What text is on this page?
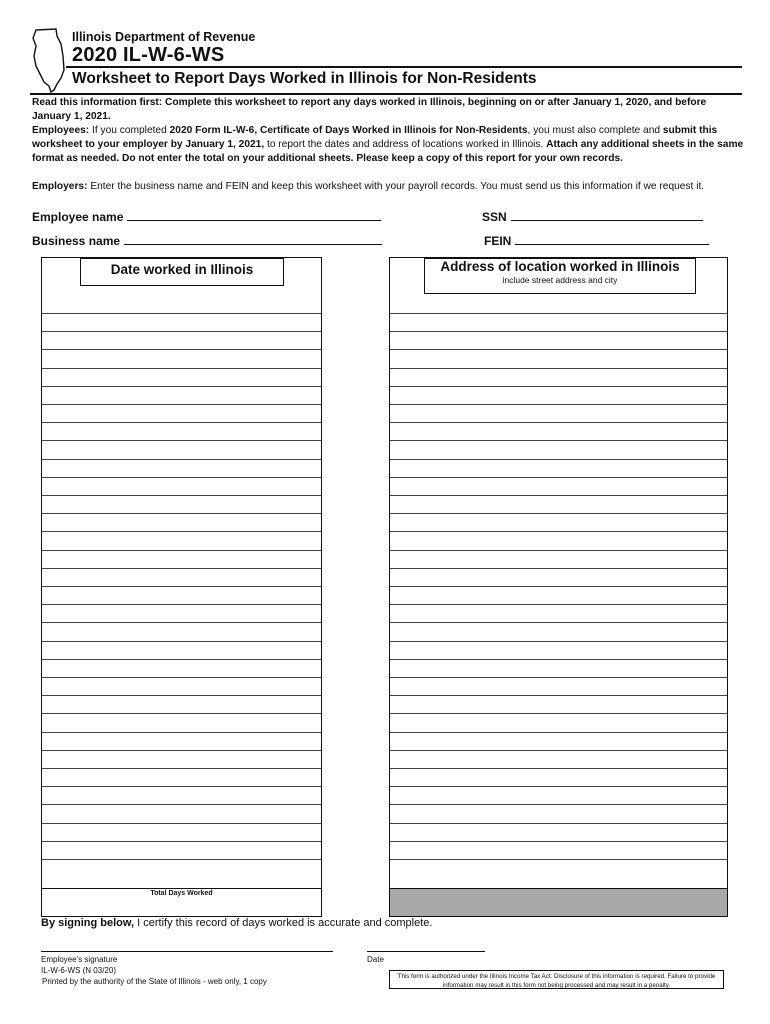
Illinois Department of Revenue
2020 IL-W-6-WS
Worksheet to Report Days Worked in Illinois for Non-Residents
Read this information first: Complete this worksheet to report any days worked in Illinois, beginning on or after January 1, 2020, and before January 1, 2021.
Employees: If you completed 2020 Form IL-W-6, Certificate of Days Worked in Illinois for Non-Residents, you must also complete and submit this worksheet to your employer by January 1, 2021, to report the dates and address of locations worked in Illinois. Attach any additional sheets in the same format as needed. Do not enter the total on your additional sheets. Please keep a copy of this report for your own records.
Employers: Enter the business name and FEIN and keep this worksheet with your payroll records. You must send us this information if we request it.
Employee name	SSN
Business name	FEIN
Date worked in Illinois
Total Days Worked
Address of location worked in Illinois
include street address and city
By signing below, I certify this record of days worked is accurate and complete.
Employee’s signature	Date
IL-W-6-WS (N 03/20)
Printed by the authority of the State of Illinois - web only, 1 copy
This form is authorized under the Illinois Income Tax Act. Disclosure of this information is required. Failure to provide information may result in this form not being processed and may result in a penalty.
